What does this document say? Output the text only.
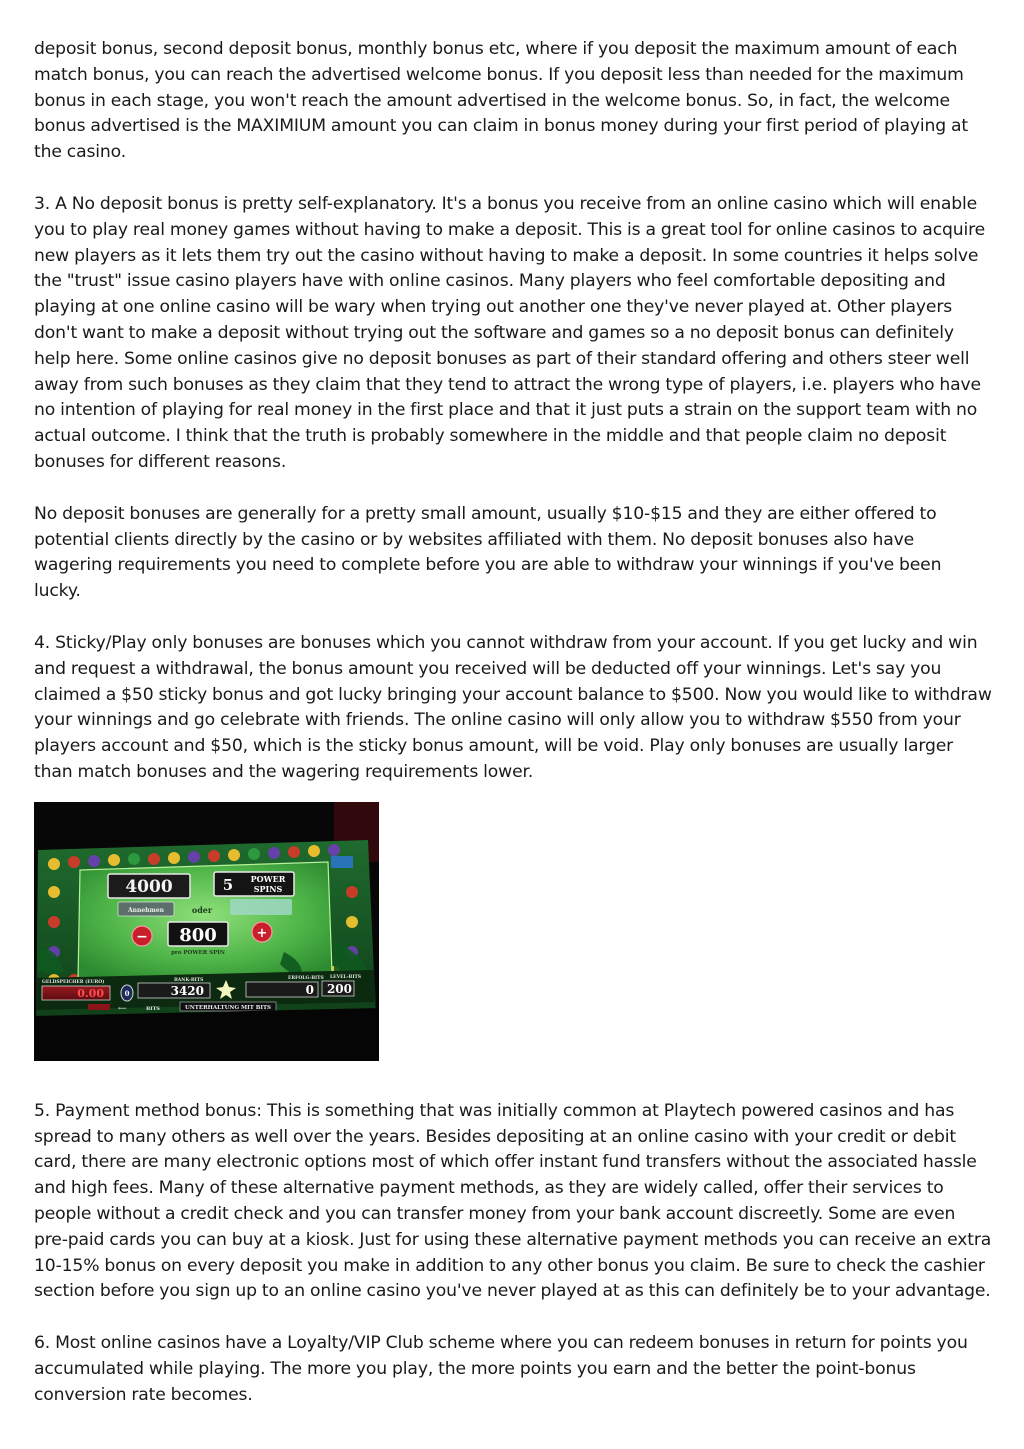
deposit bonus, second deposit bonus, monthly bonus etc, where if you deposit the maximum amount of each match bonus, you can reach the advertised welcome bonus. If you deposit less than needed for the maximum bonus in each stage, you won't reach the amount advertised in the welcome bonus. So, in fact, the welcome bonus advertised is the MAXIMIUM amount you can claim in bonus money during your first period of playing at the casino.

3. A No deposit bonus is pretty self-explanatory. It's a bonus you receive from an online casino which will enable you to play real money games without having to make a deposit. This is a great tool for online casinos to acquire new players as it lets them try out the casino without having to make a deposit. In some countries it helps solve the "trust" issue casino players have with online casinos. Many players who feel comfortable depositing and playing at one online casino will be wary when trying out another one they've never played at. Other players don't want to make a deposit without trying out the software and games so a no deposit bonus can definitely help here. Some online casinos give no deposit bonuses as part of their standard offering and others steer well away from such bonuses as they claim that they tend to attract the wrong type of players, i.e. players who have no intention of playing for real money in the first place and that it just puts a strain on the support team with no actual outcome. I think that the truth is probably somewhere in the middle and that people claim no deposit bonuses for different reasons.

No deposit bonuses are generally for a pretty small amount, usually $10-$15 and they are either offered to potential clients directly by the casino or by websites affiliated with them. No deposit bonuses also have wagering requirements you need to complete before you are able to withdraw your winnings if you've been lucky.

4. Sticky/Play only bonuses are bonuses which you cannot withdraw from your account. If you get lucky and win and request a withdrawal, the bonus amount you received will be deducted off your winnings. Let's say you claimed a $50 sticky bonus and got lucky bringing your account balance to $500. Now you would like to withdraw your winnings and go celebrate with friends. The online casino will only allow you to withdraw $550 from your players account and $50, which is the sticky bonus amount, will be void. Play only bonuses are usually larger than match bonuses and the wagering requirements lower.

4000	5 POWER
SPINS
Annehmen	oder
− 800
pro POWER SPIN
+
GELDSPEICHER (EURO)
0.00	0
BANK-BITS
3420
ERFOLG-BITS
0
LEVEL-BITS
200
⟵	BITS	UNTERHALTUNG MIT BITS

5. Payment method bonus: This is something that was initially common at Playtech powered casinos and has spread to many others as well over the years. Besides depositing at an online casino with your credit or debit card, there are many electronic options most of which offer instant fund transfers without the associated hassle and high fees. Many of these alternative payment methods, as they are widely called, offer their services to people without a credit check and you can transfer money from your bank account discreetly. Some are even pre-paid cards you can buy at a kiosk. Just for using these alternative payment methods you can receive an extra 10-15% bonus on every deposit you make in addition to any other bonus you claim. Be sure to check the cashier section before you sign up to an online casino you've never played at as this can definitely be to your advantage.

6. Most online casinos have a Loyalty/VIP Club scheme where you can redeem bonuses in return for points you accumulated while playing. The more you play, the more points you earn and the better the point-bonus conversion rate becomes.
